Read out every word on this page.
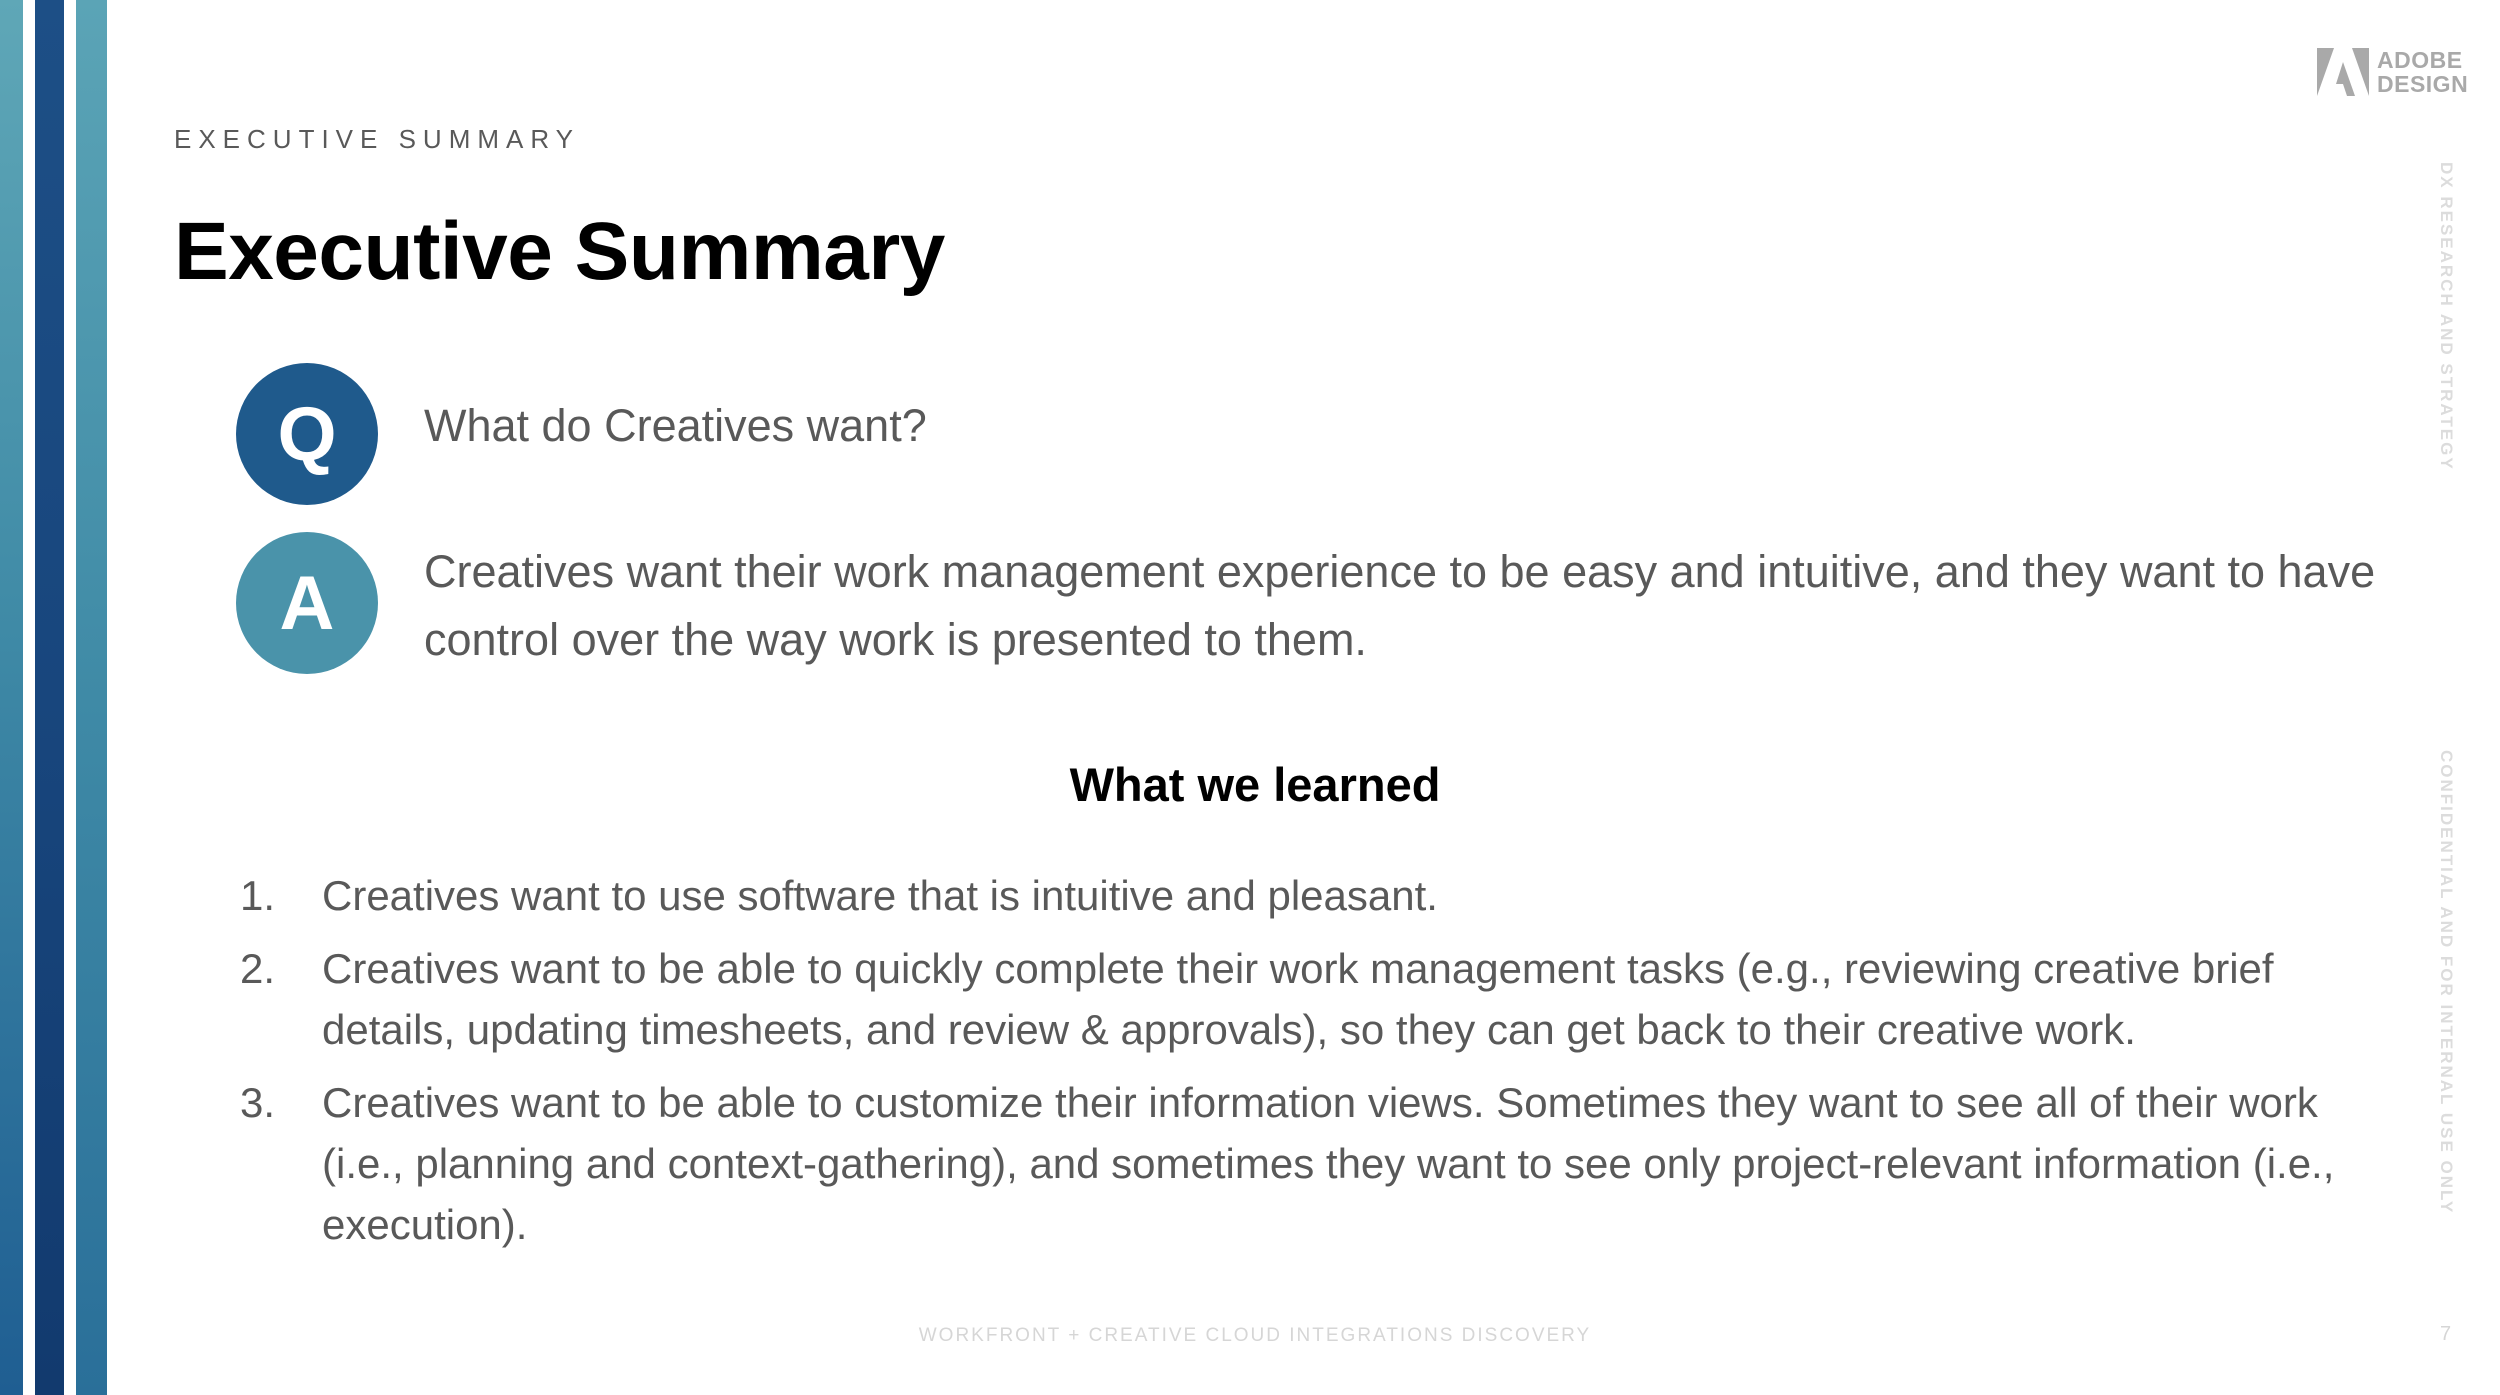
ADOBE
DESIGN
EXECUTIVE SUMMARY
Executive Summary
Q	What do Creatives want?
A	Creatives want their work management experience to be easy and intuitive, and they want to have control over the way work is presented to them.
What we learned
1.	Creatives want to use software that is intuitive and pleasant.
2.	Creatives want to be able to quickly complete their work management tasks (e.g., reviewing creative brief details, updating timesheets, and review & approvals), so they can get back to their creative work.
3.	Creatives want to be able to customize their information views. Sometimes they want to see all of their work (i.e., planning and context-gathering), and sometimes they want to see only project-relevant information (i.e., execution).
DX RESEARCH AND STRATEGY
CONFIDENTIAL AND FOR INTERNAL USE ONLY
WORKFRONT + CREATIVE CLOUD INTEGRATIONS DISCOVERY	7
